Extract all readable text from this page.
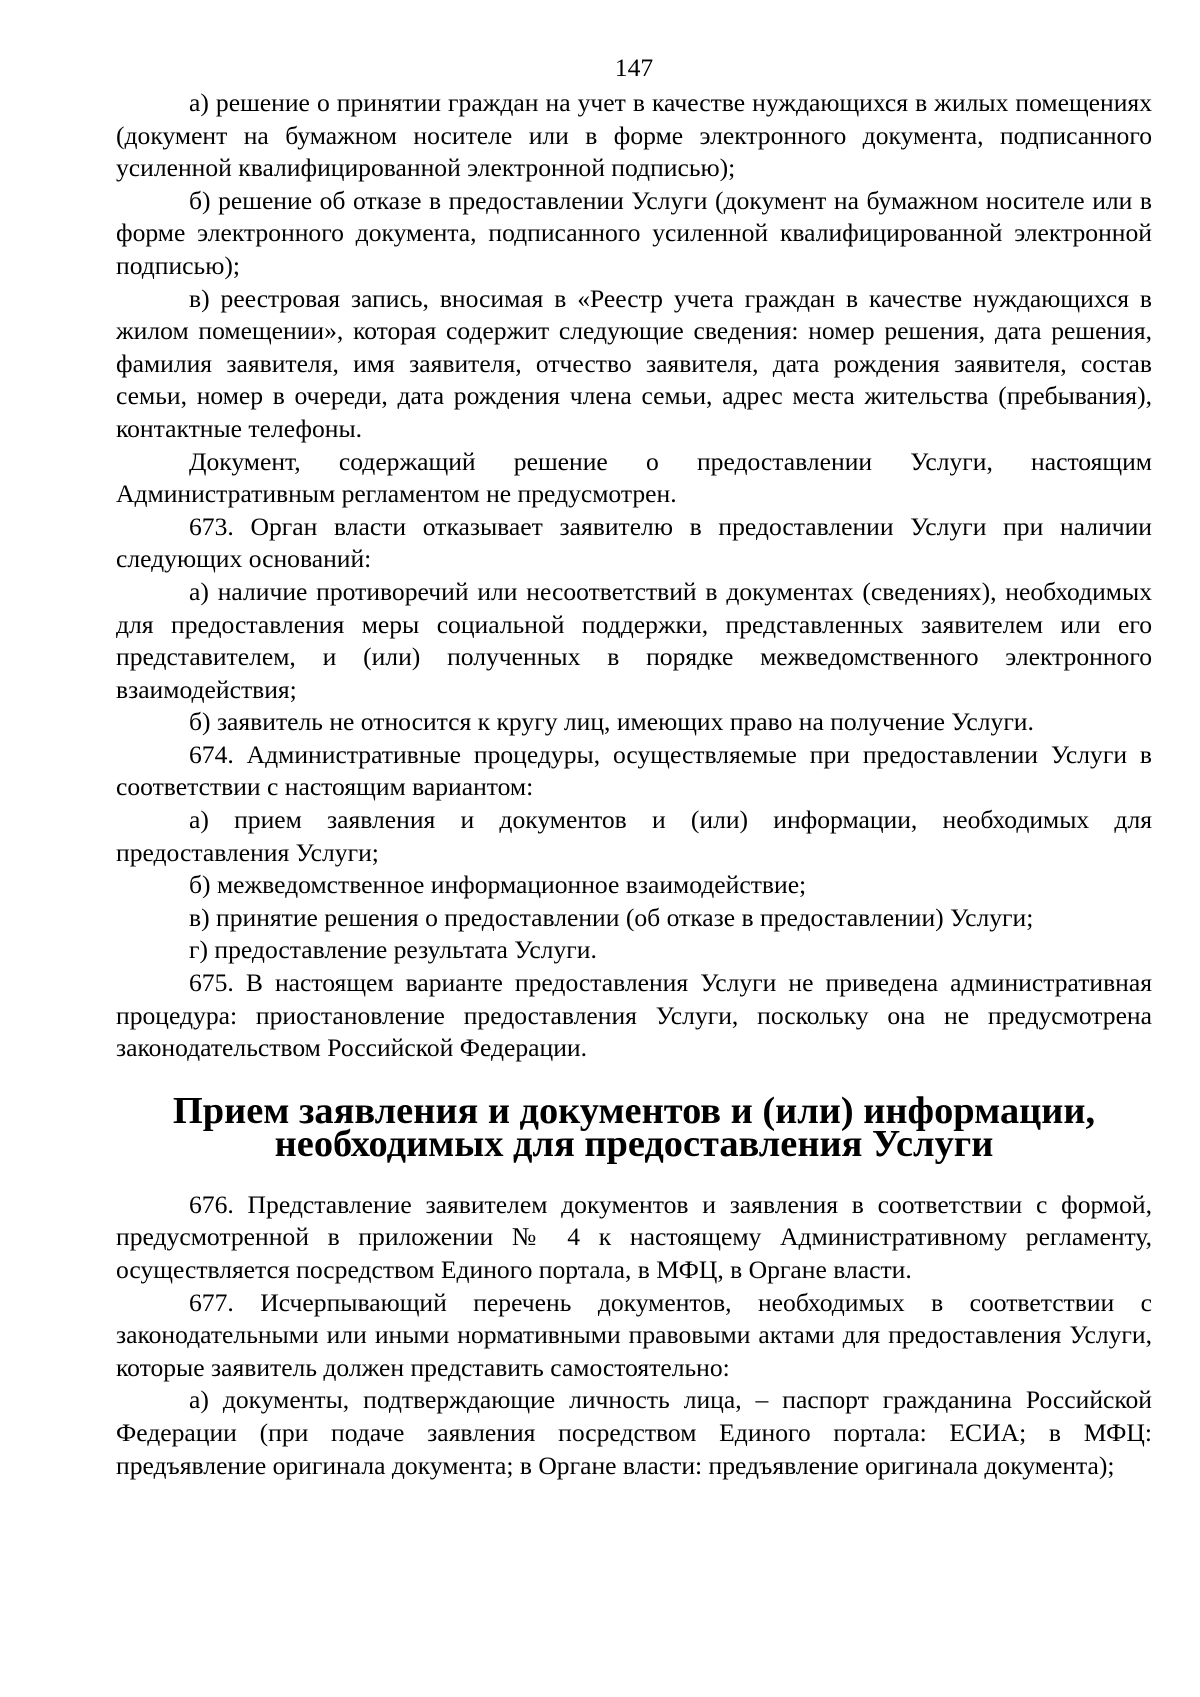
147

а) решение о принятии граждан на учет в качестве нуждающихся в жилых помещениях (документ на бумажном носителе или в форме электронного документа, подписанного усиленной квалифицированной электронной подписью);

б) решение об отказе в предоставлении Услуги (документ на бумажном носителе или в форме электронного документа, подписанного усиленной квалифицированной электронной подписью);

в) реестровая запись, вносимая в «Реестр учета граждан в качестве нуждающихся в жилом помещении», которая содержит следующие сведения: номер решения, дата решения, фамилия заявителя, имя заявителя, отчество заявителя, дата рождения заявителя, состав семьи, номер в очереди, дата рождения члена семьи, адрес места жительства (пребывания), контактные телефоны.

Документ, содержащий решение о предоставлении Услуги, настоящим Административным регламентом не предусмотрен.

673. Орган власти отказывает заявителю в предоставлении Услуги при наличии следующих оснований:

а) наличие противоречий или несоответствий в документах (сведениях), необходимых для предоставления меры социальной поддержки, представленных заявителем или его представителем, и (или) полученных в порядке межведомственного электронного взаимодействия;

б) заявитель не относится к кругу лиц, имеющих право на получение Услуги.

674. Административные процедуры, осуществляемые при предоставлении Услуги в соответствии с настоящим вариантом:

а) прием заявления и документов и (или) информации, необходимых для предоставления Услуги;

б) межведомственное информационное взаимодействие;

в) принятие решения о предоставлении (об отказе в предоставлении) Услуги;

г) предоставление результата Услуги.

675. В настоящем варианте предоставления Услуги не приведена административная процедура: приостановление предоставления Услуги, поскольку она не предусмотрена законодательством Российской Федерации.

Прием заявления и документов и (или) информации, необходимых для предоставления Услуги

676. Представление заявителем документов и заявления в соответствии с формой, предусмотренной в приложении № 4 к настоящему Административному регламенту, осуществляется посредством Единого портала, в МФЦ, в Органе власти.

677. Исчерпывающий перечень документов, необходимых в соответствии с законодательными или иными нормативными правовыми актами для предоставления Услуги, которые заявитель должен представить самостоятельно:

а) документы, подтверждающие личность лица, – паспорт гражданина Российской Федерации (при подаче заявления посредством Единого портала: ЕСИА; в МФЦ: предъявление оригинала документа; в Органе власти: предъявление оригинала документа);
